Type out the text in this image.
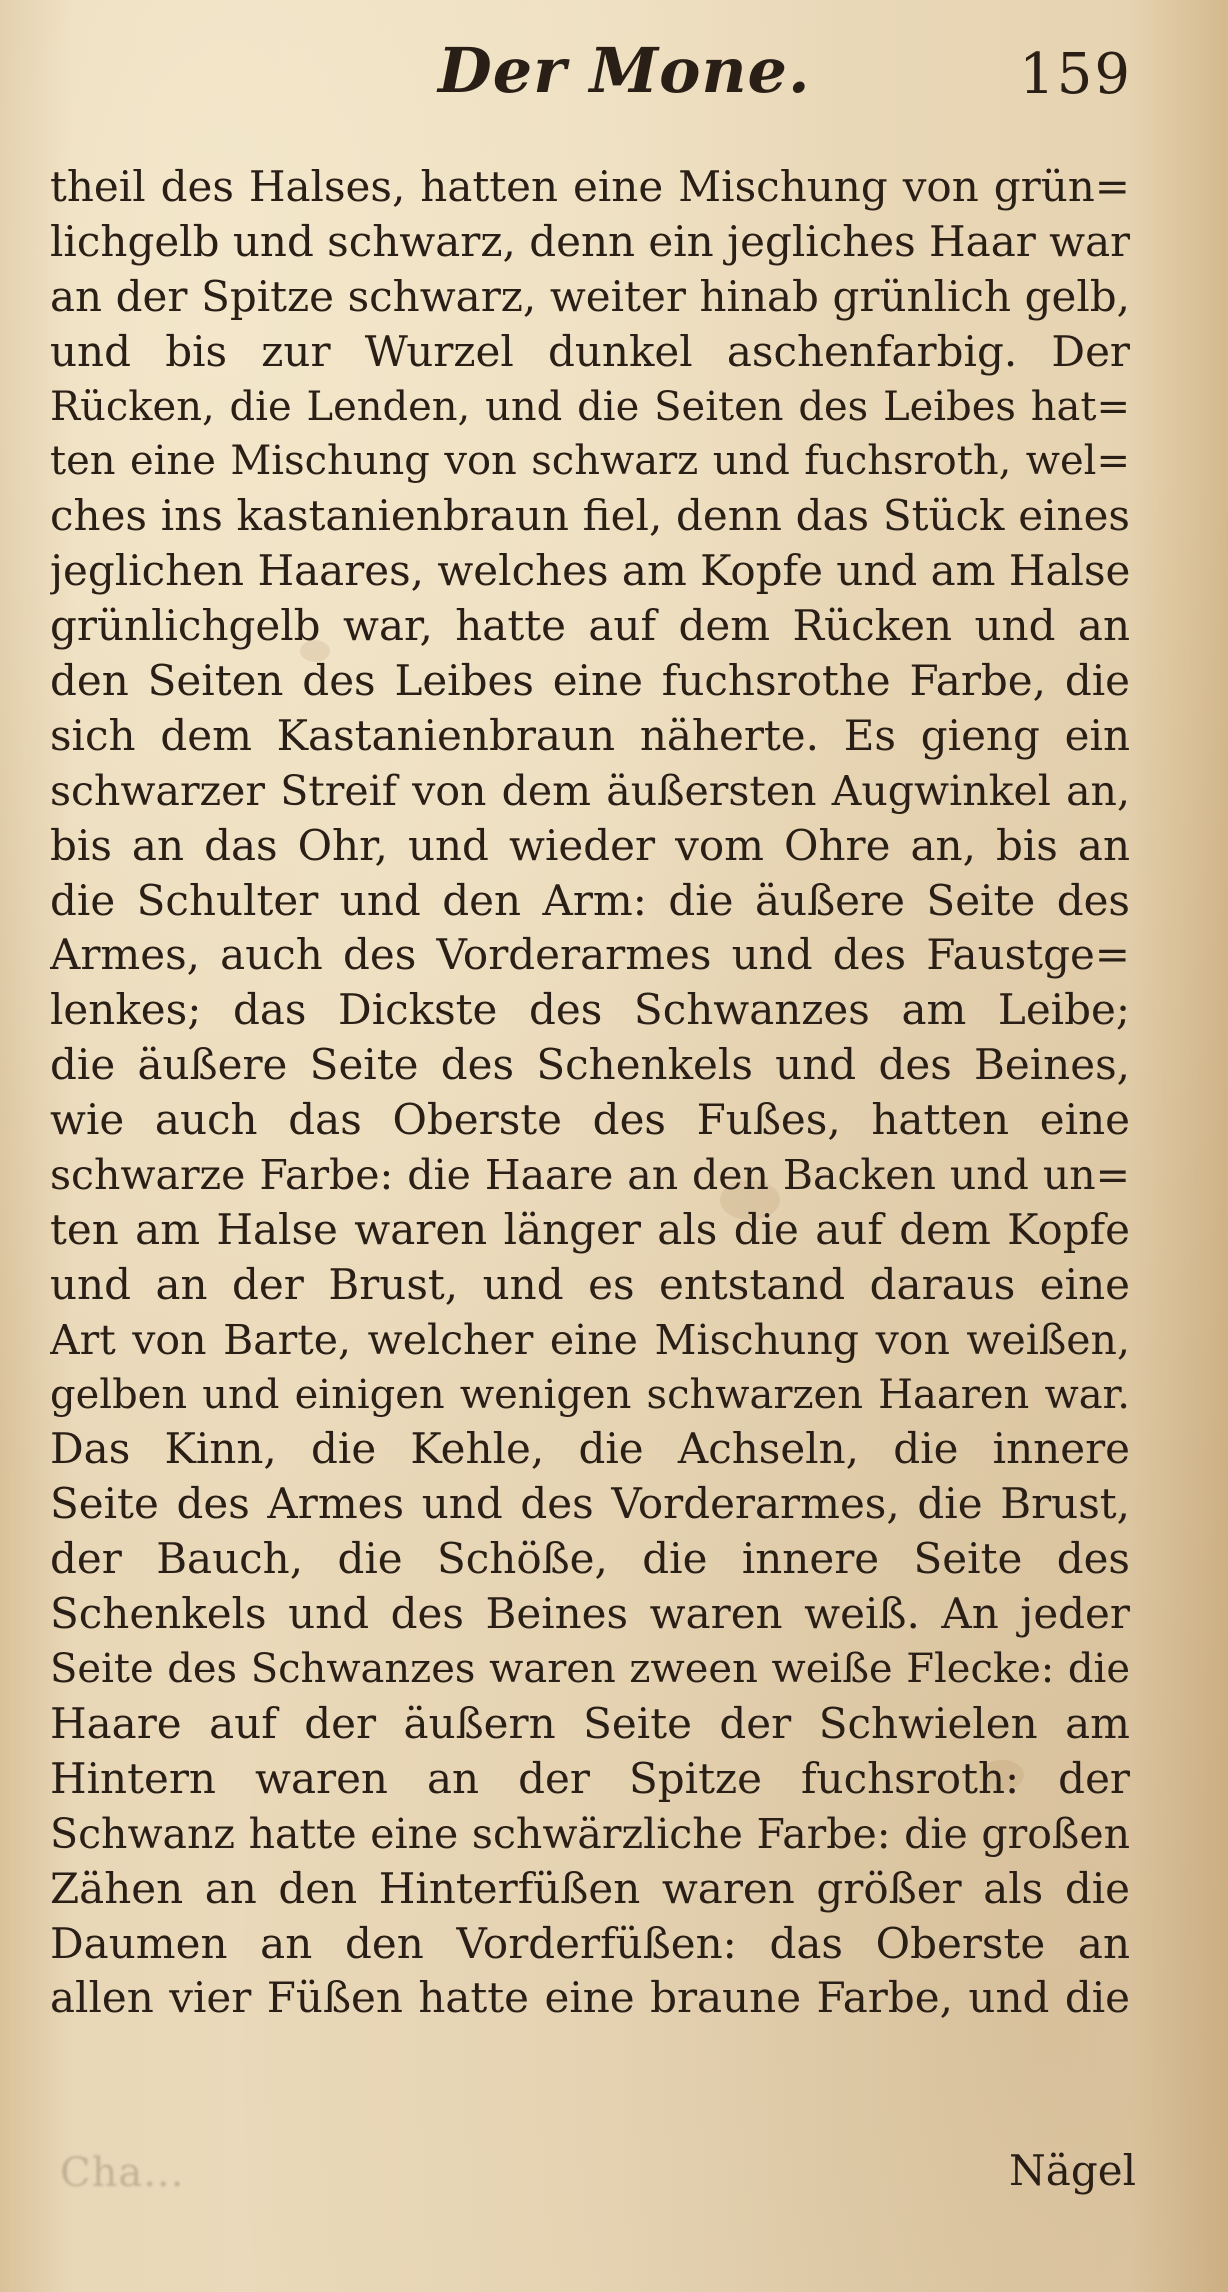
Der Mone.	159
theil des Halses, hatten eine Mischung von grün=
lichgelb und schwarz, denn ein jegliches Haar war
an der Spitze schwarz, weiter hinab grünlich gelb,
und bis zur Wurzel dunkel aschenfarbig. Der
Rücken, die Lenden, und die Seiten des Leibes hat=
ten eine Mischung von schwarz und fuchsroth, wel=
ches ins kastanienbraun fiel, denn das Stück eines
jeglichen Haares, welches am Kopfe und am Halse
grünlichgelb war, hatte auf dem Rücken und an
den Seiten des Leibes eine fuchsrothe Farbe, die
sich dem Kastanienbraun näherte. Es gieng ein
schwarzer Streif von dem äußersten Augwinkel an,
bis an das Ohr, und wieder vom Ohre an, bis an
die Schulter und den Arm: die äußere Seite des
Armes, auch des Vorderarmes und des Faustge=
lenkes; das Dickste des Schwanzes am Leibe;
die äußere Seite des Schenkels und des Beines,
wie auch das Oberste des Fußes, hatten eine
schwarze Farbe: die Haare an den Backen und un=
ten am Halse waren länger als die auf dem Kopfe
und an der Brust, und es entstand daraus eine
Art von Barte, welcher eine Mischung von weißen,
gelben und einigen wenigen schwarzen Haaren war.
Das Kinn, die Kehle, die Achseln, die innere
Seite des Armes und des Vorderarmes, die Brust,
der Bauch, die Schöße, die innere Seite des
Schenkels und des Beines waren weiß. An jeder
Seite des Schwanzes waren zween weiße Flecke: die
Haare auf der äußern Seite der Schwielen am
Hintern waren an der Spitze fuchsroth: der
Schwanz hatte eine schwärzliche Farbe: die großen
Zähen an den Hinterfüßen waren größer als die
Daumen an den Vorderfüßen: das Oberste an
allen vier Füßen hatte eine braune Farbe, und die
Cha...	Nägel
